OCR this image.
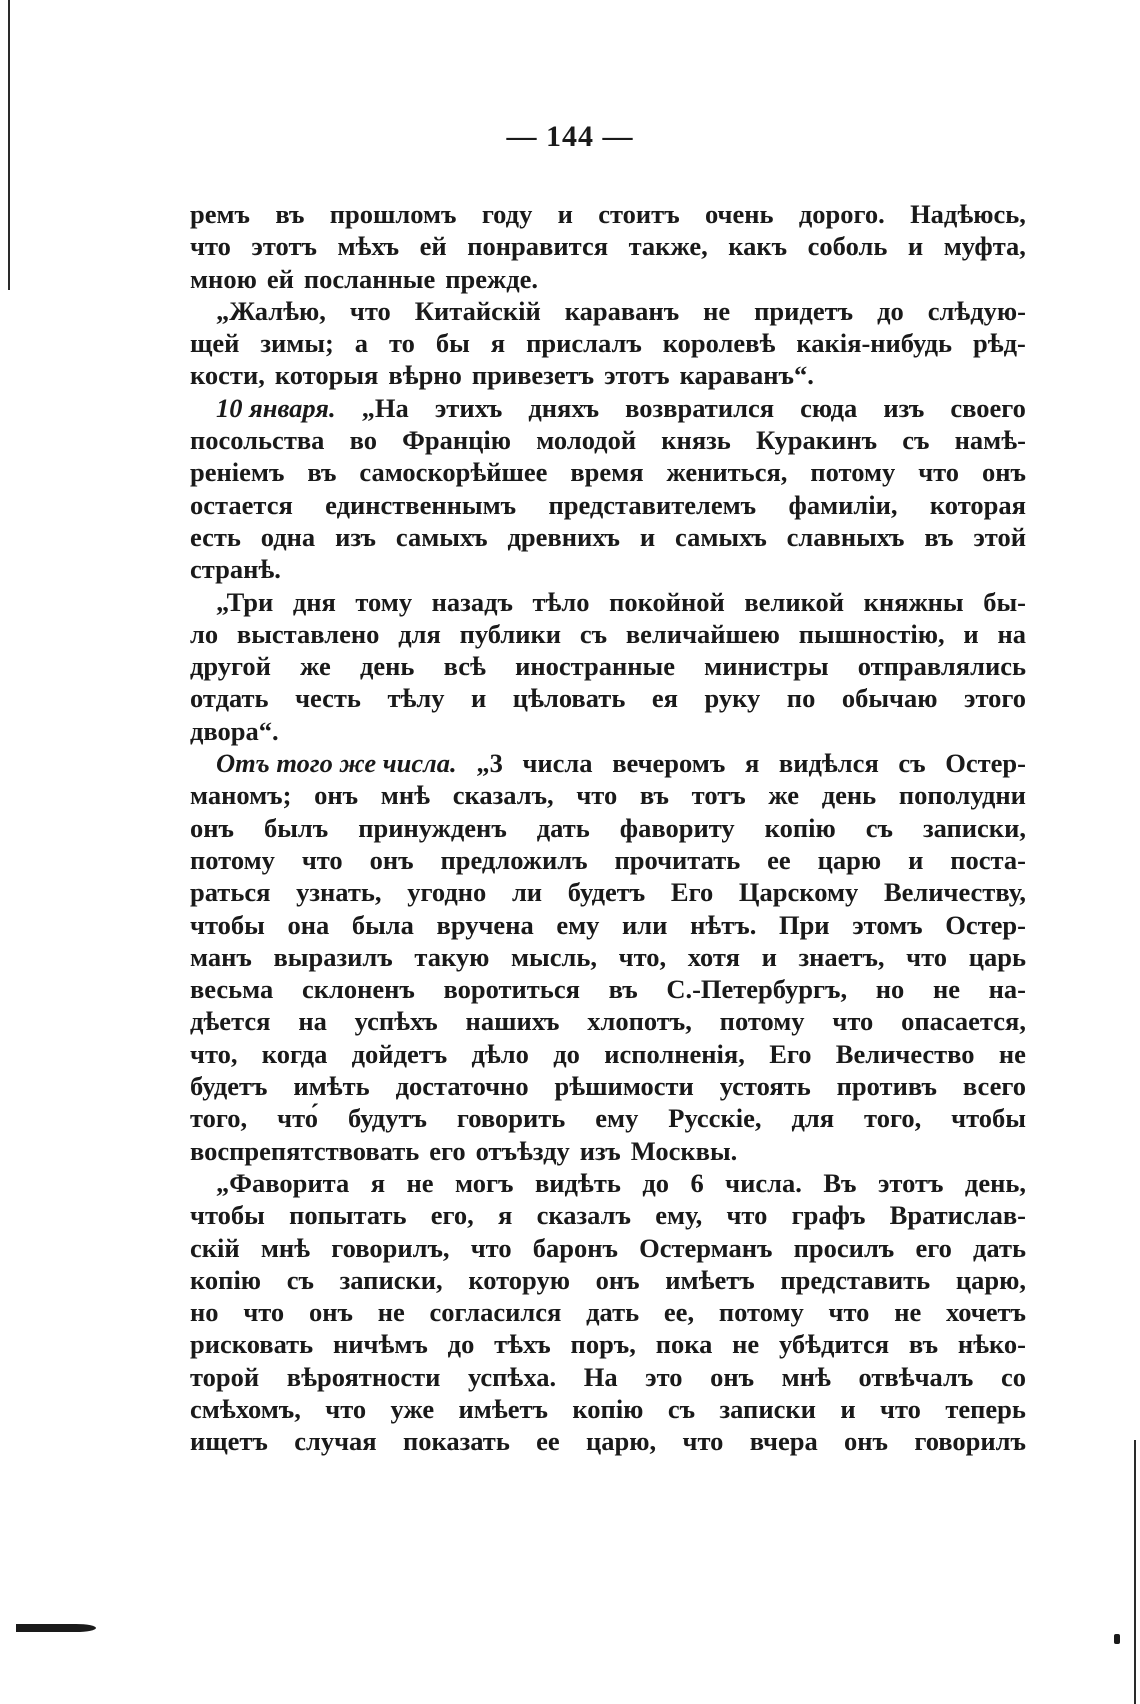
— 144 —
ремъ въ прошломъ году и стоитъ очень дорого. Надѣюсь,
что этотъ мѣхъ ей понравится также, какъ соболь и муфта,
мною ей посланные прежде.
„Жалѣю, что Китайскій караванъ не придетъ до слѣдую-
щей зимы; а то бы я прислалъ королевѣ какія-нибудь рѣд-
кости, которыя вѣрно привезетъ этотъ караванъ“.
10 января. „На этихъ дняхъ возвратился сюда изъ своего
посольства во Францію молодой князь Куракинъ съ намѣ-
реніемъ въ самоскорѣйшее время жениться, потому что онъ
остается единственнымъ представителемъ фамиліи, которая
есть одна изъ самыхъ древнихъ и самыхъ славныхъ въ этой
странѣ.
„Три дня тому назадъ тѣло покойной великой княжны бы-
ло выставлено для публики съ величайшею пышностію, и на
другой же день всѣ иностранные министры отправлялись
отдать честь тѣлу и цѣловать ея руку по обычаю этого
двора“.
Отъ того же числа. „3 числа вечеромъ я видѣлся съ Остер-
маномъ; онъ мнѣ сказалъ, что въ тотъ же день пополудни
онъ былъ принужденъ дать фавориту копію съ записки,
потому что онъ предложилъ прочитать ее царю и поста-
раться узнать, угодно ли будетъ Его Царскому Величеству,
чтобы она была вручена ему или нѣтъ. При этомъ Остер-
манъ выразилъ такую мысль, что, хотя и знаетъ, что царь
весьма склоненъ воротиться въ С.-Петербургъ, но не на-
дѣется на успѣхъ нашихъ хлопотъ, потому что опасается,
что, когда дойдетъ дѣло до исполненія, Его Величество не
будетъ имѣть достаточно рѣшимости устоять противъ всего
того, что́ будутъ говорить ему Русскіе, для того, чтобы
воспрепятствовать его отъѣзду изъ Москвы.
„Фаворита я не могъ видѣть до 6 числа. Въ этотъ день,
чтобы попытать его, я сказалъ ему, что графъ Вратислав-
скій мнѣ говорилъ, что баронъ Остерманъ просилъ его дать
копію съ записки, которую онъ имѣетъ представить царю,
но что онъ не согласился дать ее, потому что не хочетъ
рисковать ничѣмъ до тѣхъ поръ, пока не убѣдится въ нѣко-
торой вѣроятности успѣха. На это онъ мнѣ отвѣчалъ со
смѣхомъ, что уже имѣетъ копію съ записки и что теперь
ищетъ случая показать ее царю, что вчера онъ говорилъ
